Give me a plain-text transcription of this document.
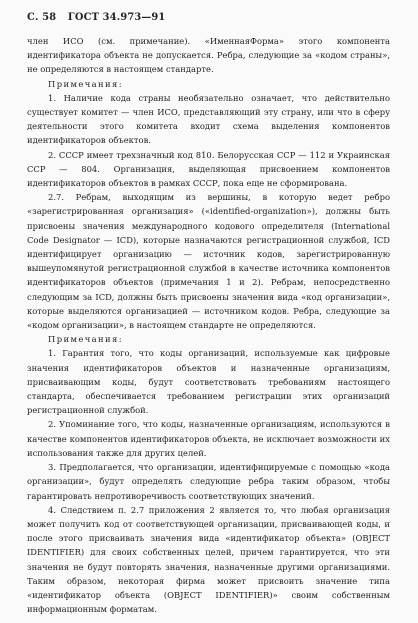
С. 58 ГОСТ 34.973—91

член ИСО (см. примечание). «ИменнаяФорма» этого компонента идентификатора объекта не допускается. Ребра, следующие за «кодом страны», не определяются в настоящем стандарте.

Примечания:

1. Наличие кода страны необязательно означает, что действительно существует комитет — член ИСО, представляющий эту страну, или что в сферу деятельности этого комитета входит схема выделения компонентов идентификаторов объектов.

2. СССР имеет трехзначный код 810. Белорусская ССР — 112 и Украинская ССР — 804. Организация, выделяющая присвоением компонентов идентификаторов объектов в рамках СССР, пока еще не сформирована.

2.7. Ребрам, выходящим из вершины, в которую ведет ребро «зарегистрированная организация» («identified-organization»), должны быть присвоены значения международного кодового определителя (International Code Designator — ICD), которые назначаются регистрационной службой, ICD идентифицирует организацию — источник кодов, зарегистрированную вышеупомянутой регистрационной службой в качестве источника компонентов идентификаторов объектов (примечания 1 и 2). Ребрам, непосредственно следующим за ICD, должны быть присвоены значения вида «код организации», которые выделяются организацией — источником кодов. Ребра, следующие за «кодом организации», в настоящем стандарте не определяются.

Примечания:

1. Гарантия того, что коды организаций, используемые как цифровые значения идентификаторов объектов и назначенные организациям, присваивающим коды, будут соответствовать требованиям настоящего стандарта, обеспечивается требованием регистрации этих организаций регистрационной службой.

2. Упоминание того, что коды, назначенные организациям, используются в качестве компонентов идентификаторов объекта, не исключает возможности их использования также для других целей.

3. Предполагается, что организации, идентифицируемые с помощью «кода организации», будут определять следующие ребра таким образом, чтобы гарантировать непротиворечивость соответствующих значений.

4. Следствием п. 2.7 приложения 2 является то, что любая организация может получить код от соответствующей организации, присваивающей коды, и после этого присваивать значения вида «идентификатор объекта» (OBJECT IDENTIFIER) для своих собственных целей, причем гарантируется, что эти значения не будут повторять значения, назначенные другими организациями. Таким образом, некоторая фирма может присвоить значение типа «идентификатор объекта (OBJECT IDENTIFIER)» своим собственным информационным форматам.
